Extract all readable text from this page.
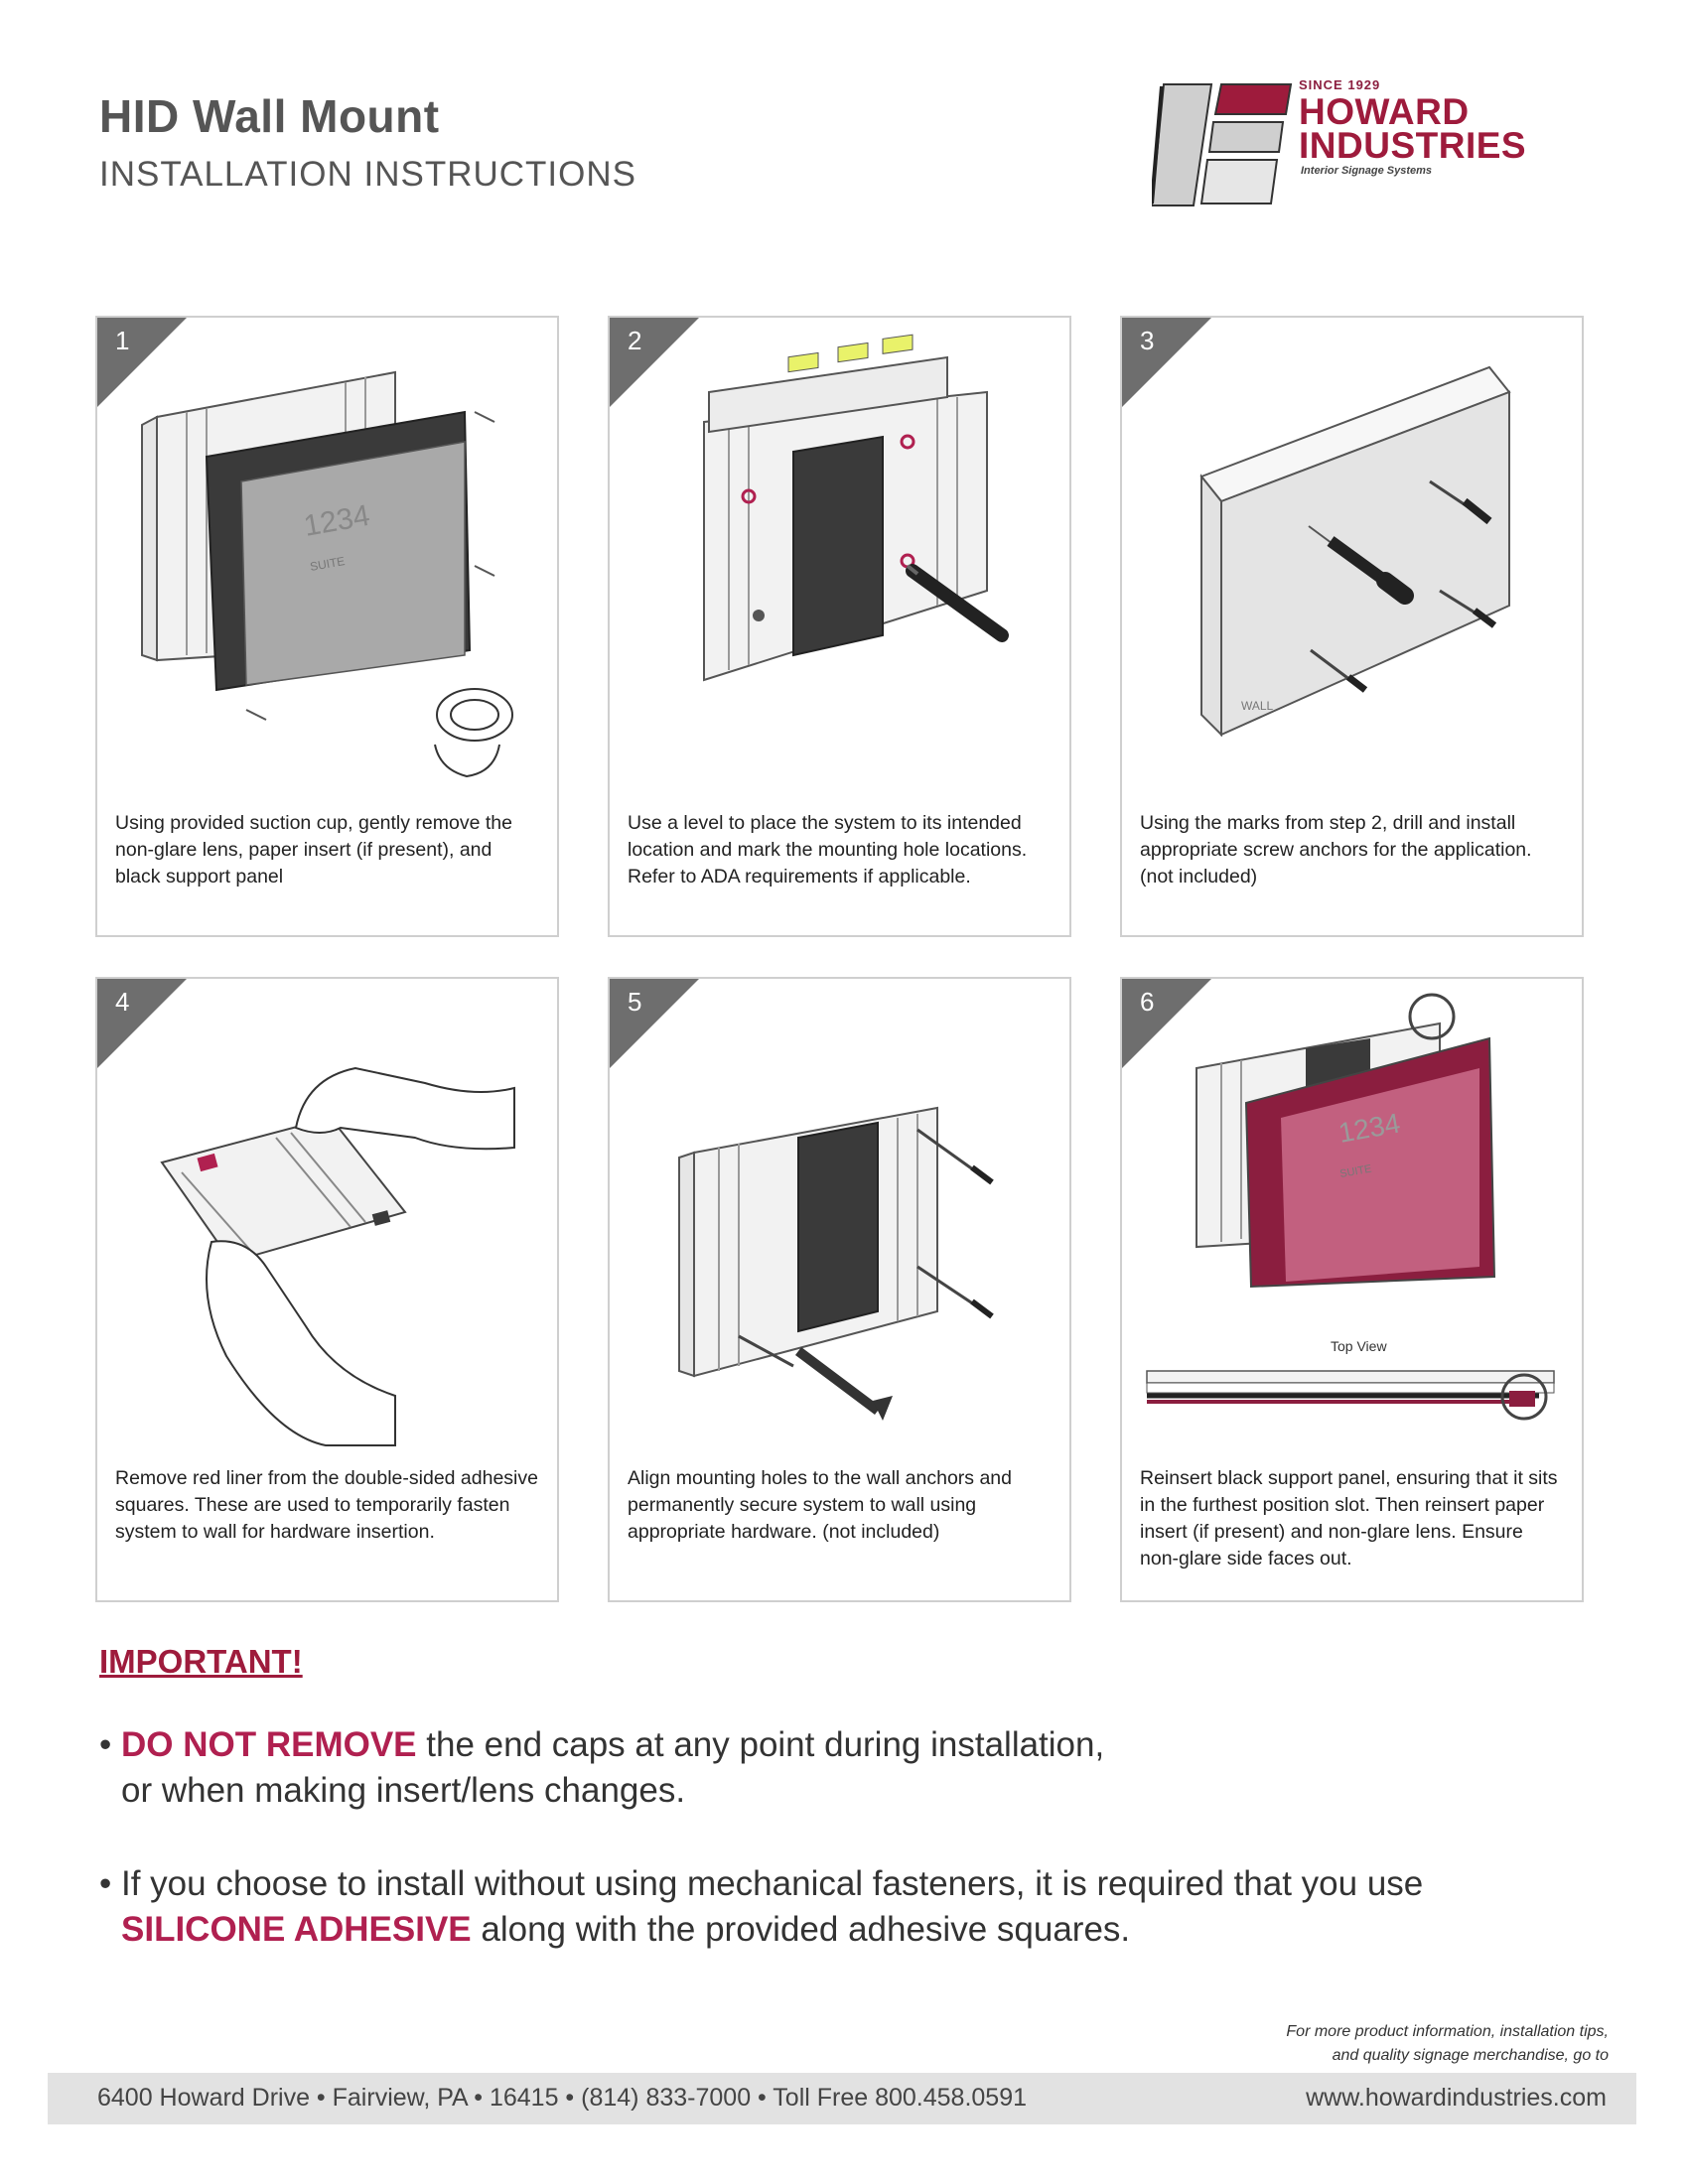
HID Wall Mount
INSTALLATION INSTRUCTIONS
SINCE 1929
HOWARD
INDUSTRIES
Interior Signage Systems
1234
SUITE
1
Using provided suction cup, gently remove the non-glare lens, paper insert (if present), and black support panel
2
Use a level to place the system to its intended location and mark the mounting hole locations. Refer to ADA requirements if applicable.
WALL
3
Using the marks from step 2, drill and install appropriate screw anchors for the application. (not included)
4
Remove red liner from the double-sided adhesive squares. These are used to temporarily fasten system to wall for hardware insertion.
5
Align mounting holes to the wall anchors and permanently secure system to wall using appropriate hardware. (not included)
1234
SUITE
Top View
6
Reinsert black support panel, ensuring that it sits in the furthest position slot. Then reinsert paper insert (if present) and non-glare lens. Ensure non-glare side faces out.
IMPORTANT!
• DO NOT REMOVE the end caps at any point during installation,
or when making insert/lens changes.
• If you choose to install without using mechanical fasteners, it is required that you use
SILICONE ADHESIVE along with the provided adhesive squares.
For more product information, installation tips,
and quality signage merchandise, go to
6400 Howard Drive • Fairview, PA • 16415 • (814) 833-7000 • Toll Free 800.458.0591	www.howardindustries.com
